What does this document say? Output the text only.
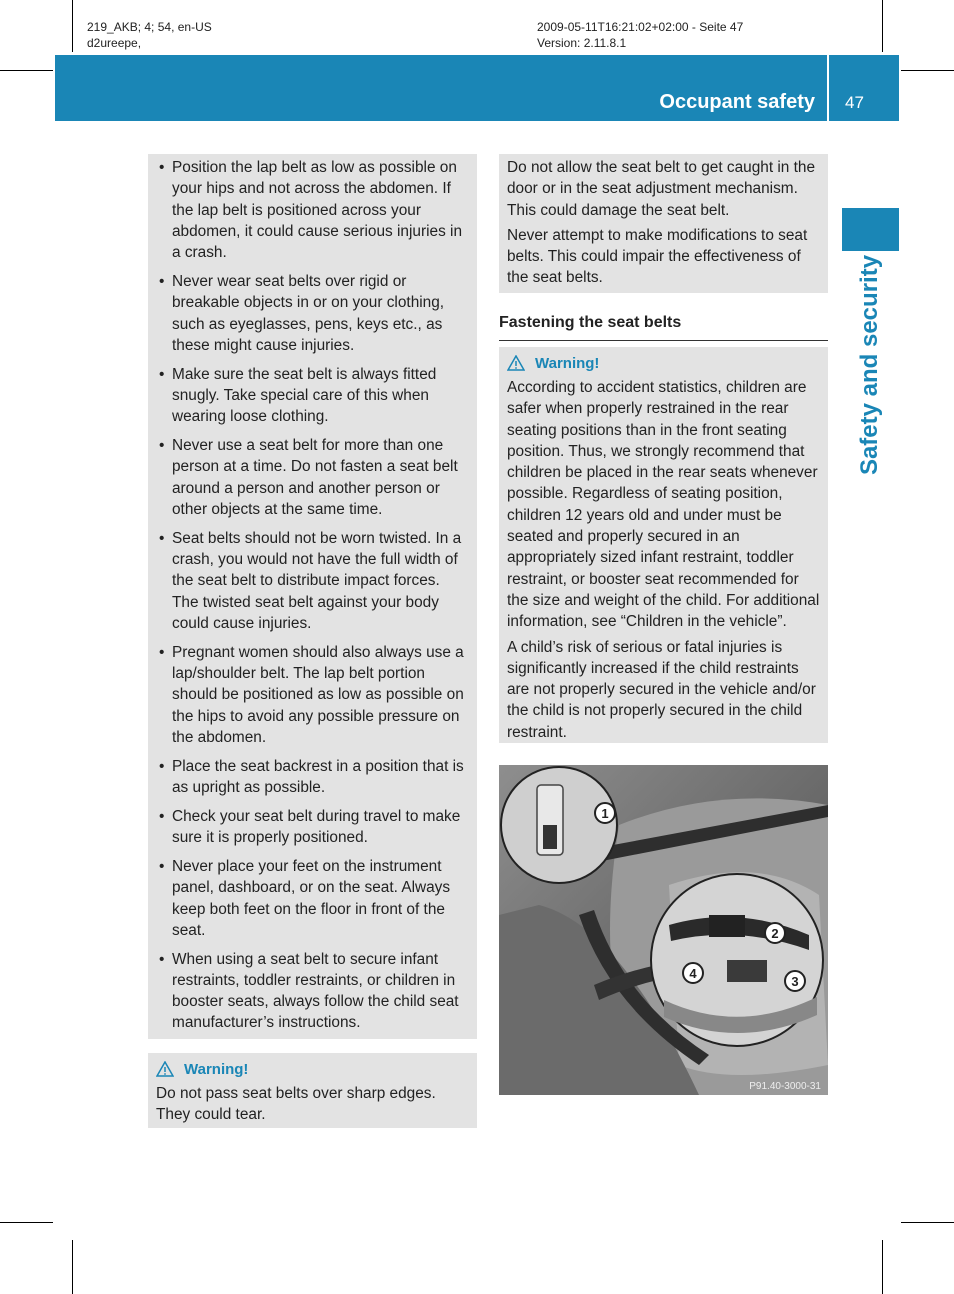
219_AKB; 4; 54, en-US
d2ureepe,
2009-05-11T16:21:02+02:00 - Seite 47
Version: 2.11.8.1
Occupant safety 47
Safety and security
• Position the lap belt as low as possible on your hips and not across the abdomen. If the lap belt is positioned across your abdomen, it could cause serious injuries in a crash.
• Never wear seat belts over rigid or breakable objects in or on your clothing, such as eyeglasses, pens, keys etc., as these might cause injuries.
• Make sure the seat belt is always fitted snugly. Take special care of this when wearing loose clothing.
• Never use a seat belt for more than one person at a time. Do not fasten a seat belt around a person and another person or other objects at the same time.
• Seat belts should not be worn twisted. In a crash, you would not have the full width of the seat belt to distribute impact forces. The twisted seat belt against your body could cause injuries.
• Pregnant women should also always use a lap/shoulder belt. The lap belt portion should be positioned as low as possible on the hips to avoid any possible pressure on the abdomen.
• Place the seat backrest in a position that is as upright as possible.
• Check your seat belt during travel to make sure it is properly positioned.
• Never place your feet on the instrument panel, dashboard, or on the seat. Always keep both feet on the floor in front of the seat.
• When using a seat belt to secure infant restraints, toddler restraints, or children in booster seats, always follow the child seat manufacturer’s instructions.
Warning!

Do not pass seat belts over sharp edges. They could tear.

Do not allow the seat belt to get caught in the door or in the seat adjustment mechanism. This could damage the seat belt.

Never attempt to make modifications to seat belts. This could impair the effectiveness of the seat belts.

Fastening the seat belts
Warning!

According to accident statistics, children are safer when properly restrained in the rear seating positions than in the front seating position. Thus, we strongly recommend that children be placed in the rear seats whenever possible. Regardless of seating position, children 12 years old and under must be seated and properly secured in an appropriately sized infant restraint, toddler restraint, or booster seat recommended for the size and weight of the child. For additional information, see “Children in the vehicle”.

A child’s risk of serious or fatal injuries is significantly increased if the child restraints are not properly secured in the vehicle and/or the child is not properly secured in the child restraint.

1
2
4
3
P91.40-3000-31
